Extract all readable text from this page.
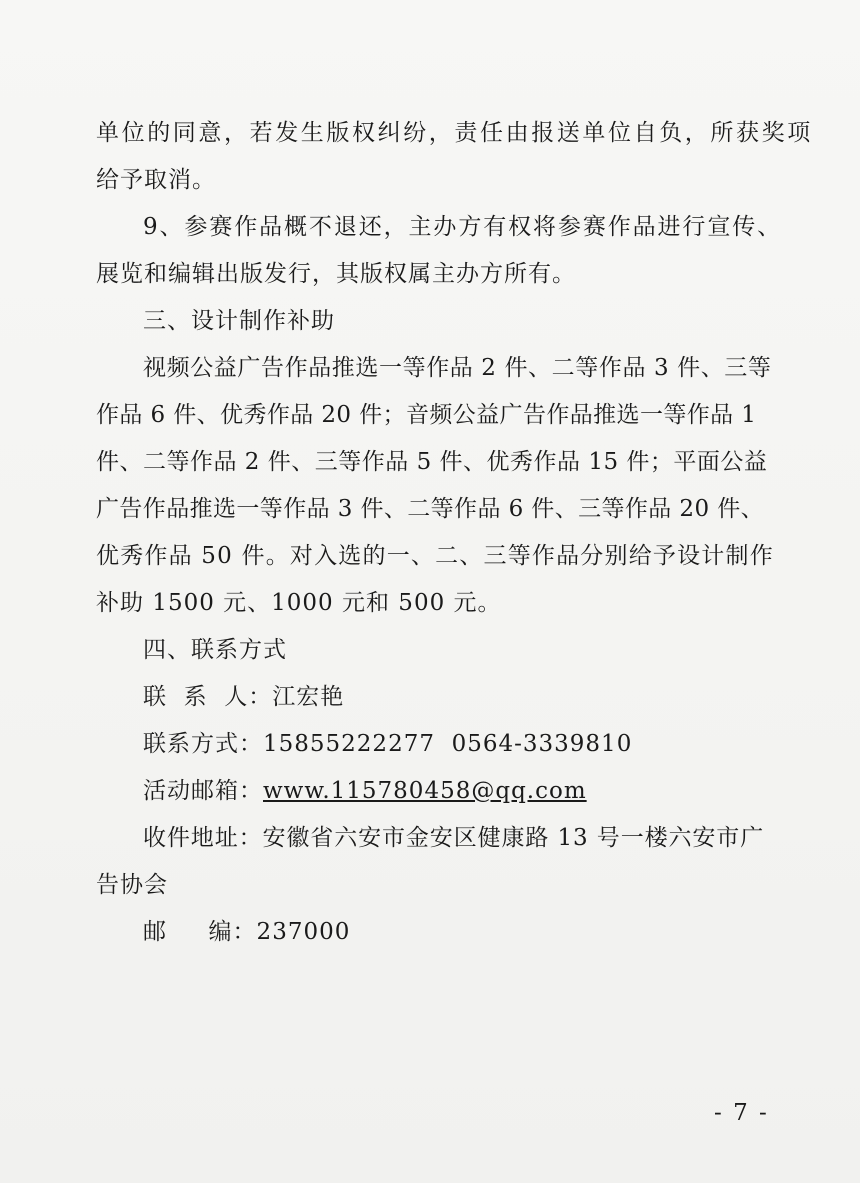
单位的同意，若发生版权纠纷，责任由报送单位自负，所获奖项
给予取消。
9、参赛作品概不退还，主办方有权将参赛作品进行宣传、
展览和编辑出版发行，其版权属主办方所有。
三、设计制作补助
视频公益广告作品推选一等作品 2 件、二等作品 3 件、三等
作品 6 件、优秀作品 20 件；音频公益广告作品推选一等作品 1
件、二等作品 2 件、三等作品 5 件、优秀作品 15 件；平面公益
广告作品推选一等作品 3 件、二等作品 6 件、三等作品 20 件、
优秀作品 50 件。对入选的一、二、三等作品分别给予设计制作
补助 1500 元、1000 元和 500 元。
四、联系方式
联  系  人：江宏艳
联系方式：15855222277  0564-3339810
活动邮箱：www.115780458@qq.com
收件地址：安徽省六安市金安区健康路 13 号一楼六安市广
告协会
邮     编：237000
- 7 -
